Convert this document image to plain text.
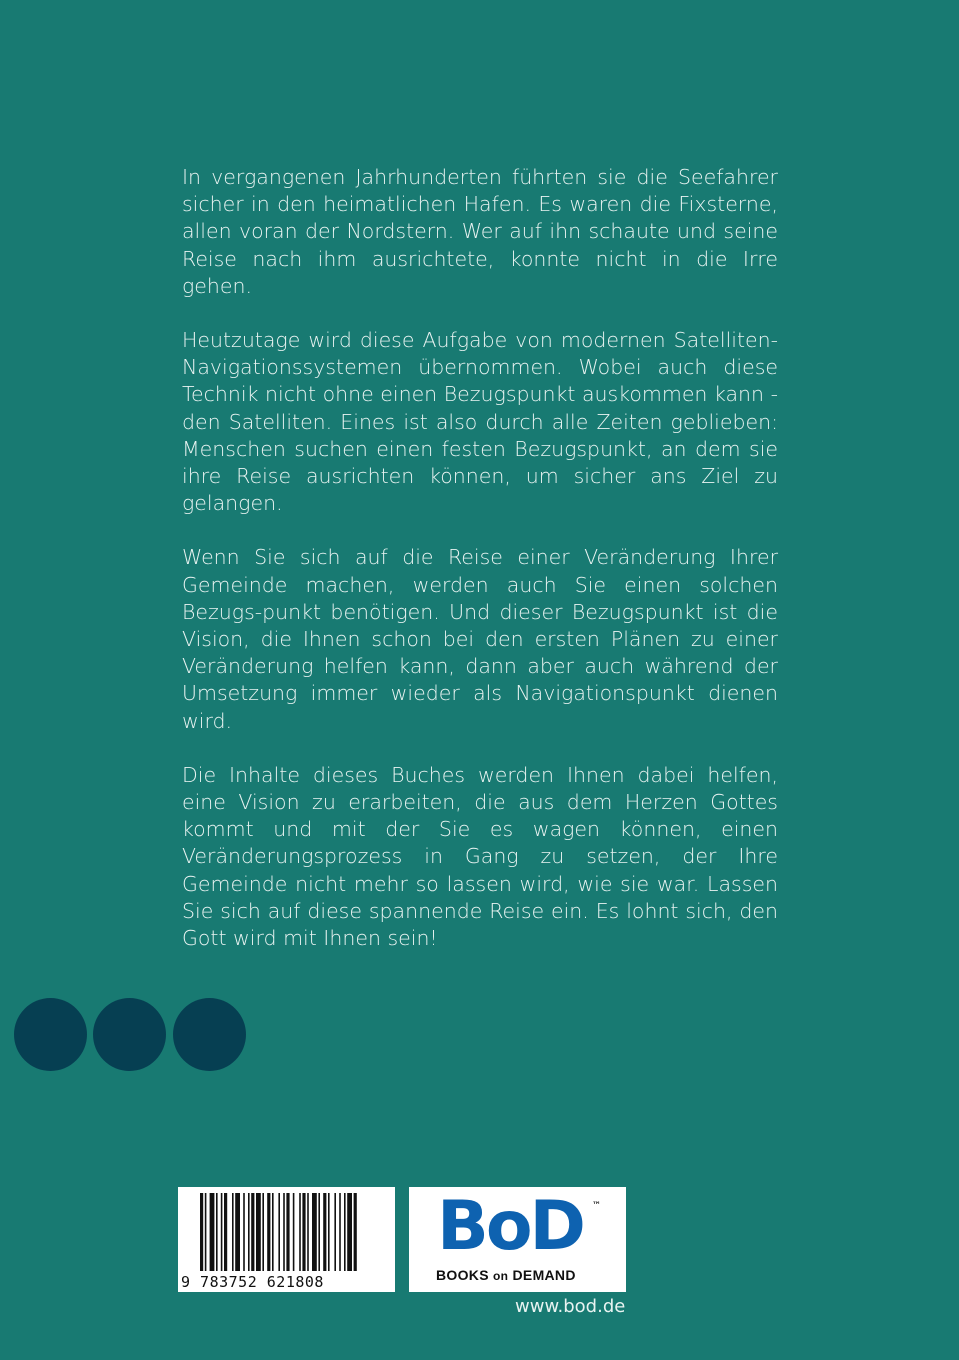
In vergangenen Jahrhunderten führten sie die Seefahrer sicher in den heimatlichen Hafen. Es waren die Fixsterne, allen voran der Nordstern. Wer auf ihn schaute und seine Reise nach ihm ausrichtete, konnte nicht in die Irre gehen.

Heutzutage wird diese Aufgabe von modernen Satelliten-Navigationssystemen übernommen. Wobei auch diese Technik nicht ohne einen Bezugspunkt auskommen kann - den Satelliten. Eines ist also durch alle Zeiten geblieben: Menschen suchen einen festen Bezugspunkt, an dem sie ihre Reise ausrichten können, um sicher ans Ziel zu gelangen.

Wenn Sie sich auf die Reise einer Veränderung Ihrer Gemeinde machen, werden auch Sie einen solchen Bezugs-punkt benötigen. Und dieser Bezugspunkt ist die Vision, die Ihnen schon bei den ersten Plänen zu einer Veränderung helfen kann, dann aber auch während der Umsetzung immer wieder als Navigationspunkt dienen wird.

Die Inhalte dieses Buches werden Ihnen dabei helfen, eine Vision zu erarbeiten, die aus dem Herzen Gottes kommt und mit der Sie es wagen können, einen Veränderungsprozess in Gang zu setzen, der Ihre Gemeinde nicht mehr so lassen wird, wie sie war. Lassen Sie sich auf diese spannende Reise ein. Es lohnt sich, den Gott wird mit Ihnen sein!

9 783752 621808
BoD ™
BOOKS on DEMAND
www.bod.de
